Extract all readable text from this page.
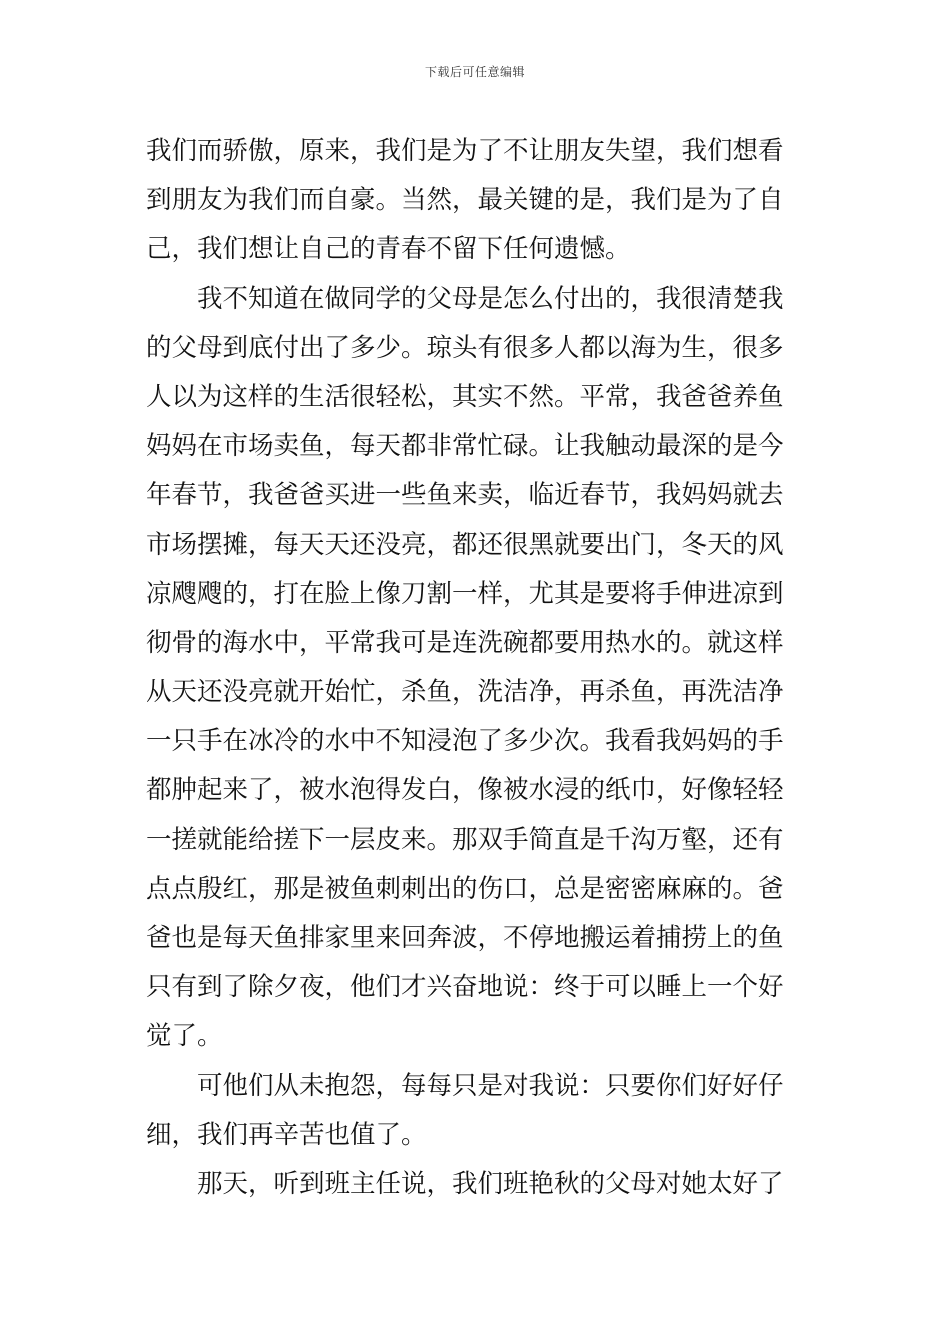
下载后可任意编辑
我们而骄傲，原来，我们是为了不让朋友失望，我们想看
到朋友为我们而自豪。当然，最关键的是，我们是为了自
己，我们想让自己的青春不留下任何遗憾。
我不知道在做同学的父母是怎么付出的，我很清楚我
的父母到底付出了多少。琼头有很多人都以海为生，很多
人以为这样的生活很轻松，其实不然。平常，我爸爸养鱼
妈妈在市场卖鱼，每天都非常忙碌。让我触动最深的是今
年春节，我爸爸买进一些鱼来卖，临近春节，我妈妈就去
市场摆摊，每天天还没亮，都还很黑就要出门，冬天的风
凉飕飕的，打在脸上像刀割一样，尤其是要将手伸进凉到
彻骨的海水中，平常我可是连洗碗都要用热水的。就这样
从天还没亮就开始忙，杀鱼，洗洁净，再杀鱼，再洗洁净
一只手在冰冷的水中不知浸泡了多少次。我看我妈妈的手
都肿起来了，被水泡得发白，像被水浸的纸巾，好像轻轻
一搓就能给搓下一层皮来。那双手简直是千沟万壑，还有
点点殷红，那是被鱼刺刺出的伤口，总是密密麻麻的。爸
爸也是每天鱼排家里来回奔波，不停地搬运着捕捞上的鱼
只有到了除夕夜，他们才兴奋地说：终于可以睡上一个好
觉了。
可他们从未抱怨，每每只是对我说：只要你们好好仔
细，我们再辛苦也值了。
那天，听到班主任说，我们班艳秋的父母对她太好了
